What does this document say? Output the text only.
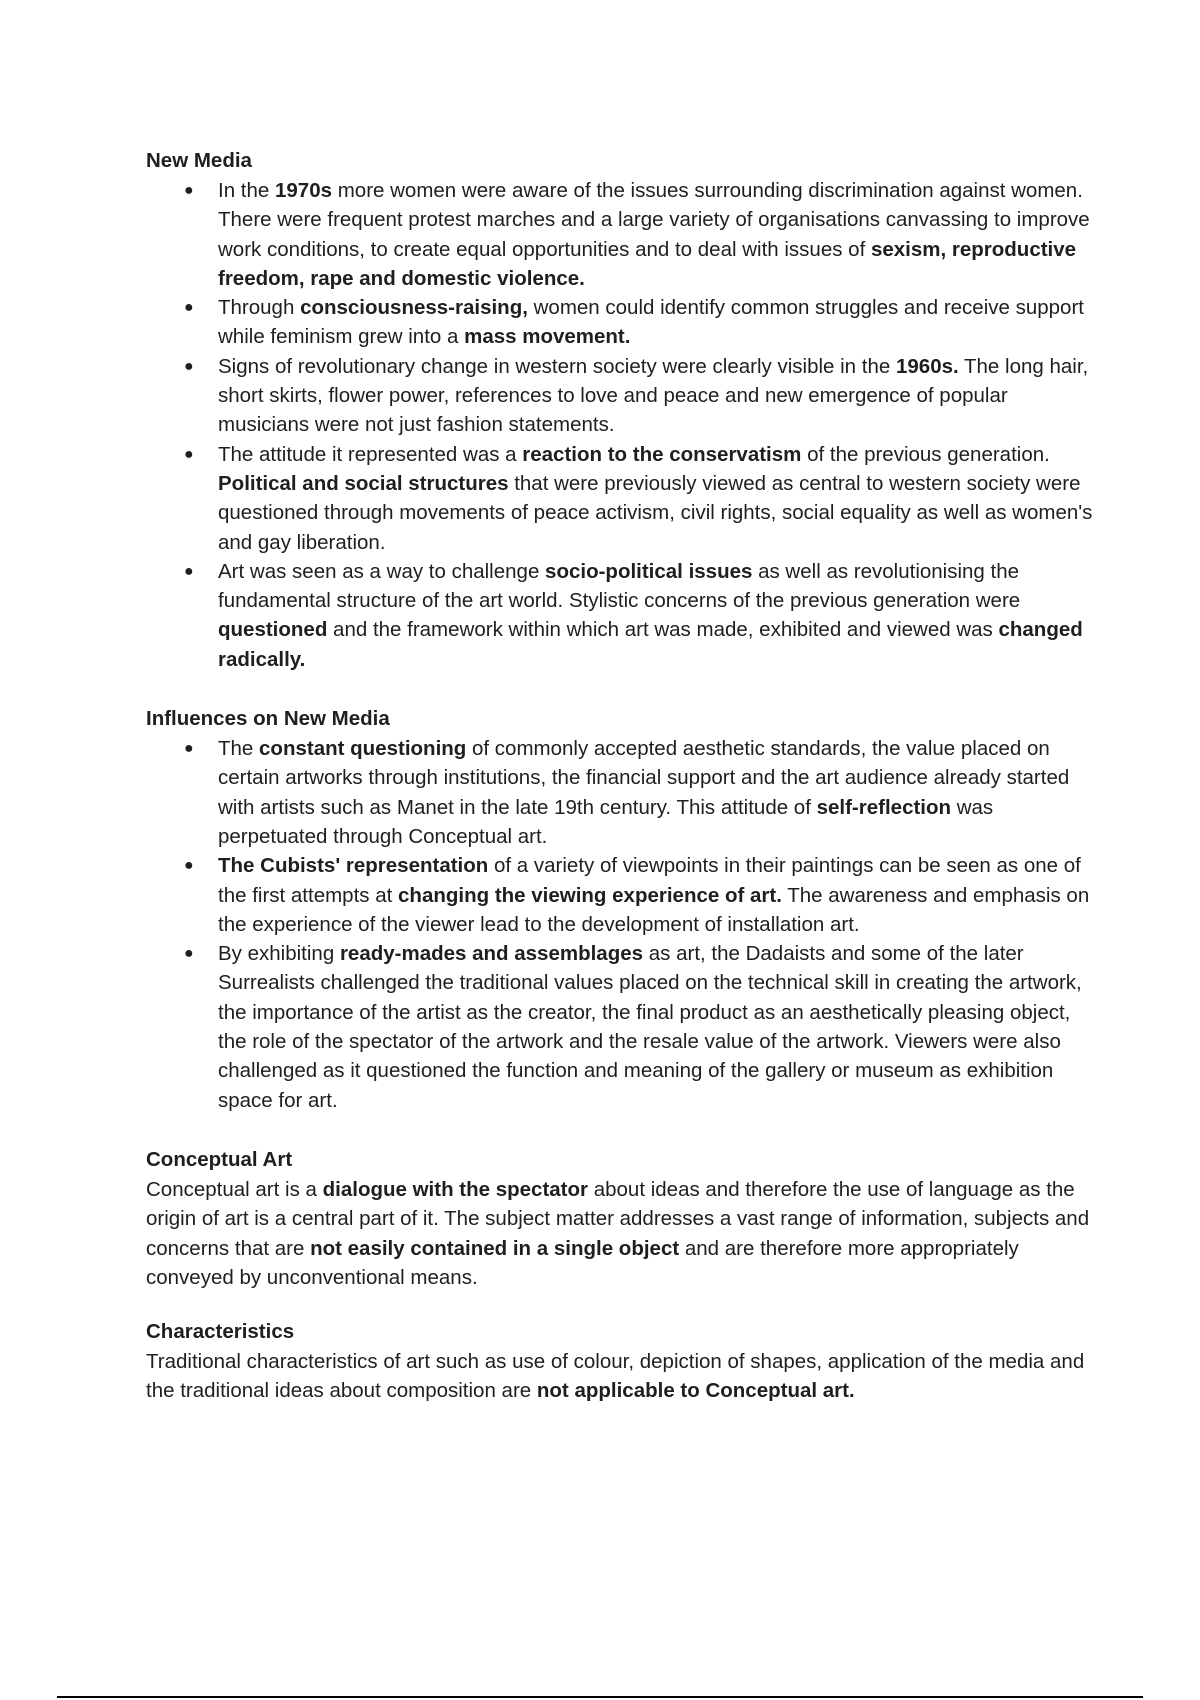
New Media
● In the 1970s more women were aware of the issues surrounding discrimination against women. There were frequent protest marches and a large variety of organisations canvassing to improve work conditions, to create equal opportunities and to deal with issues of sexism, reproductive freedom, rape and domestic violence.
● Through consciousness-raising, women could identify common struggles and receive support while feminism grew into a mass movement.
● Signs of revolutionary change in western society were clearly visible in the 1960s. The long hair, short skirts, flower power, references to love and peace and new emergence of popular musicians were not just fashion statements.
● The attitude it represented was a reaction to the conservatism of the previous generation. Political and social structures that were previously viewed as central to western society were questioned through movements of peace activism, civil rights, social equality as well as women's and gay liberation.
● Art was seen as a way to challenge socio-political issues as well as revolutionising the fundamental structure of the art world. Stylistic concerns of the previous generation were questioned and the framework within which art was made, exhibited and viewed was changed radically.
Influences on New Media
● The constant questioning of commonly accepted aesthetic standards, the value placed on certain artworks through institutions, the financial support and the art audience already started with artists such as Manet in the late 19th century. This attitude of self-reflection was perpetuated through Conceptual art.
● The Cubists' representation of a variety of viewpoints in their paintings can be seen as one of the first attempts at changing the viewing experience of art. The awareness and emphasis on the experience of the viewer lead to the development of installation art.
● By exhibiting ready-mades and assemblages as art, the Dadaists and some of the later Surrealists challenged the traditional values placed on the technical skill in creating the artwork, the importance of the artist as the creator, the final product as an aesthetically pleasing object, the role of the spectator of the artwork and the resale value of the artwork. Viewers were also challenged as it questioned the function and meaning of the gallery or museum as exhibition space for art.
Conceptual Art

Conceptual art is a dialogue with the spectator about ideas and therefore the use of language as the origin of art is a central part of it. The subject matter addresses a vast range of information, subjects and concerns that are not easily contained in a single object and are therefore more appropriately conveyed by unconventional means.

Characteristics

Traditional characteristics of art such as use of colour, depiction of shapes, application of the media and the traditional ideas about composition are not applicable to Conceptual art.
